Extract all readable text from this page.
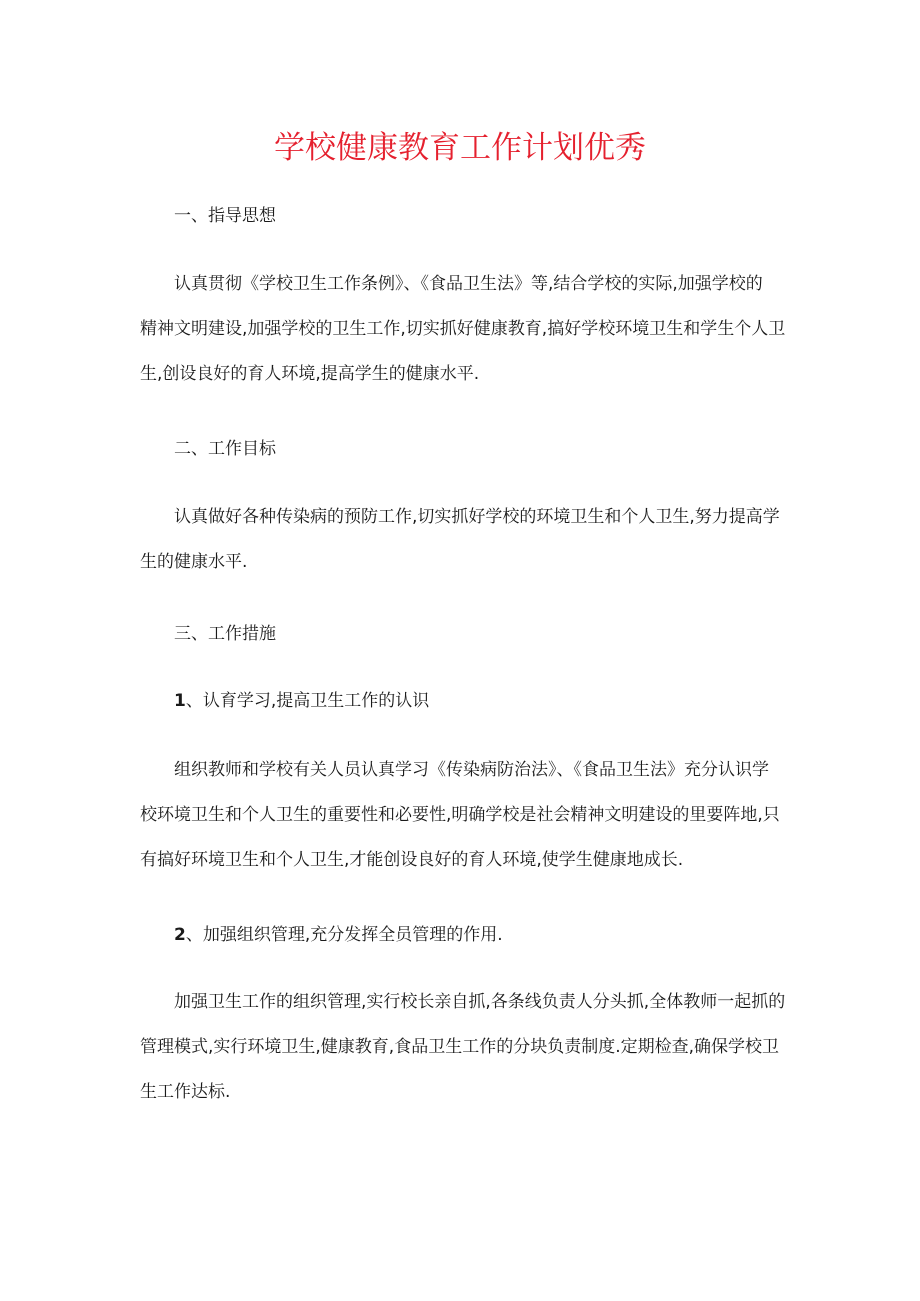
学校健康教育工作计划优秀

一、指导思想

认真贯彻《学校卫生工作条例》、《食品卫生法》等,结合学校的实际,加强学校的
精神文明建设,加强学校的卫生工作,切实抓好健康教育,搞好学校环境卫生和学生个人卫
生,创设良好的育人环境,提高学生的健康水平.

二、工作目标

认真做好各种传染病的预防工作,切实抓好学校的环境卫生和个人卫生,努力提高学
生的健康水平.

三、工作措施

1、认育学习,提高卫生工作的认识

组织教师和学校有关人员认真学习《传染病防治法》、《食品卫生法》充分认识学
校环境卫生和个人卫生的重要性和必要性,明确学校是社会精神文明建设的里要阵地,只
有搞好环境卫生和个人卫生,才能创设良好的育人环境,使学生健康地成长.

2、加强组织管理,充分发挥全员管理的作用.

加强卫生工作的组织管理,实行校长亲自抓,各条线负责人分头抓,全体教师一起抓的
管理模式,实行环境卫生,健康教育,食品卫生工作的分块负责制度.定期检查,确保学校卫
生工作达标.
